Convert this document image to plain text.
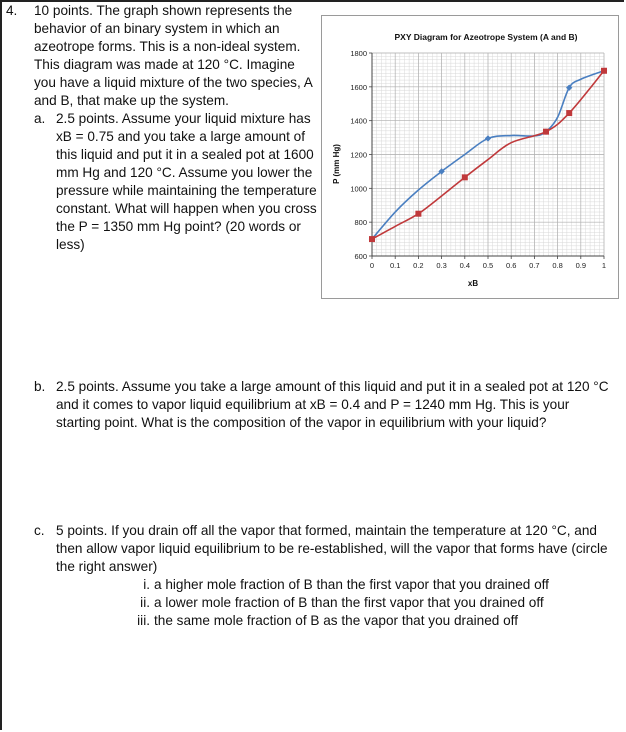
4. 10 points. The graph shown represents the behavior of an binary system in which an azeotrope forms. This is a non-ideal system. This diagram was made at 120 °C. Imagine you have a liquid mixture of the two species, A and B, that make up the system.
a. 2.5 points. Assume your liquid mixture has xB = 0.75 and you take a large amount of this liquid and put it in a sealed pot at 1600 mm Hg and 120 °C. Assume you lower the pressure while maintaining the temperature constant. What will happen when you cross the P = 1350 mm Hg point? (20 words or less)
PXY Diagram for Azeotrope System (A and B)
0 0.1 0.2 0.3 0.4 0.5 0.6 0.7 0.8 0.9 1
600
800
1000
1200
1400
1600
1800
xB
P (mm Hg)
b. 2.5 points. Assume you take a large amount of this liquid and put it in a sealed pot at 120 °C and it comes to vapor liquid equilibrium at xB = 0.4 and P = 1240 mm Hg. This is your starting point. What is the composition of the vapor in equilibrium with your liquid?
c. 5 points. If you drain off all the vapor that formed, maintain the temperature at 120 °C, and then allow vapor liquid equilibrium to be re-established, will the vapor that forms have (circle the right answer)
i. a higher mole fraction of B than the first vapor that you drained off
ii. a lower mole fraction of B than the first vapor that you drained off
iii. the same mole fraction of B as the vapor that you drained off
